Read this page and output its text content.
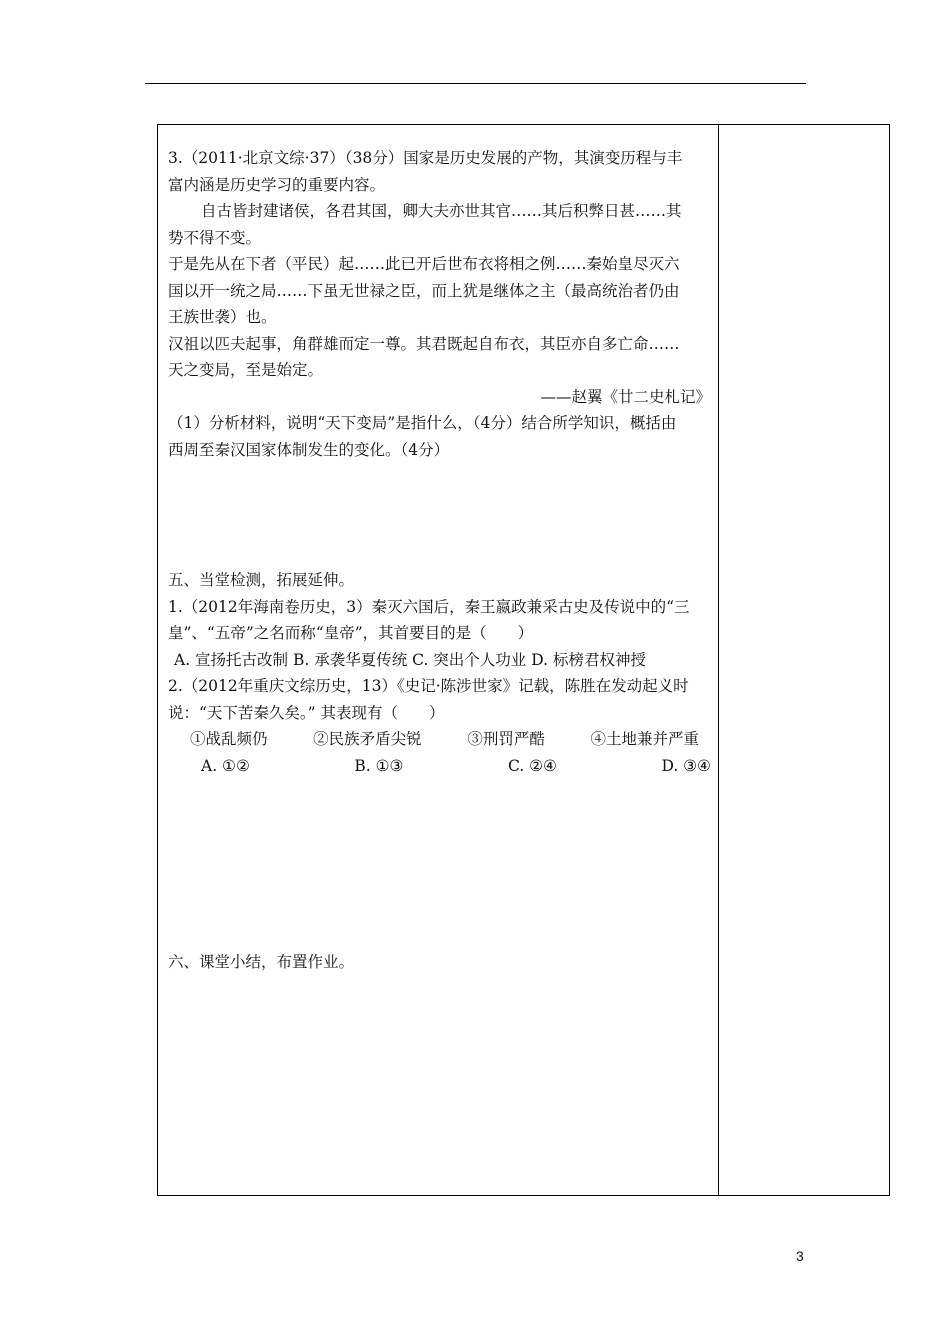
3.（2011·北京文综·37）（38分）国家是历史发展的产物，其演变历程与丰
富内涵是历史学习的重要内容。
自古皆封建诸侯，各君其国，卿大夫亦世其官……其后积弊日甚……其
势不得不变。
于是先从在下者（平民）起……此已开后世布衣将相之例……秦始皇尽灭六
国以开一统之局……下虽无世禄之臣，而上犹是继体之主（最高统治者仍由
王族世袭）也。
汉祖以匹夫起事，角群雄而定一尊。其君既起自布衣，其臣亦自多亡命……
天之变局，至是始定。
——赵翼《廿二史札记》
（1）分析材料，说明“天下变局”是指什么，（4分）结合所学知识，概括由
西周至秦汉国家体制发生的变化。（4分）
五、当堂检测，拓展延伸。
1.（2012年海南卷历史，3）秦灭六国后，秦王嬴政兼采古史及传说中的“三
皇”、“五帝”之名而称“皇帝”，其首要目的是（　　）
A. 宣扬托古改制 B. 承袭华夏传统 C. 突出个人功业 D. 标榜君权神授
2.（2012年重庆文综历史，13）《史记·陈涉世家》记载，陈胜在发动起义时
说：“天下苦秦久矣。” 其表现有（　　）
①战乱频仍	②民族矛盾尖锐	③刑罚严酷	④土地兼并严重
A. ①②	B. ①③	C. ②④	D. ③④
六、课堂小结，布置作业。
3
